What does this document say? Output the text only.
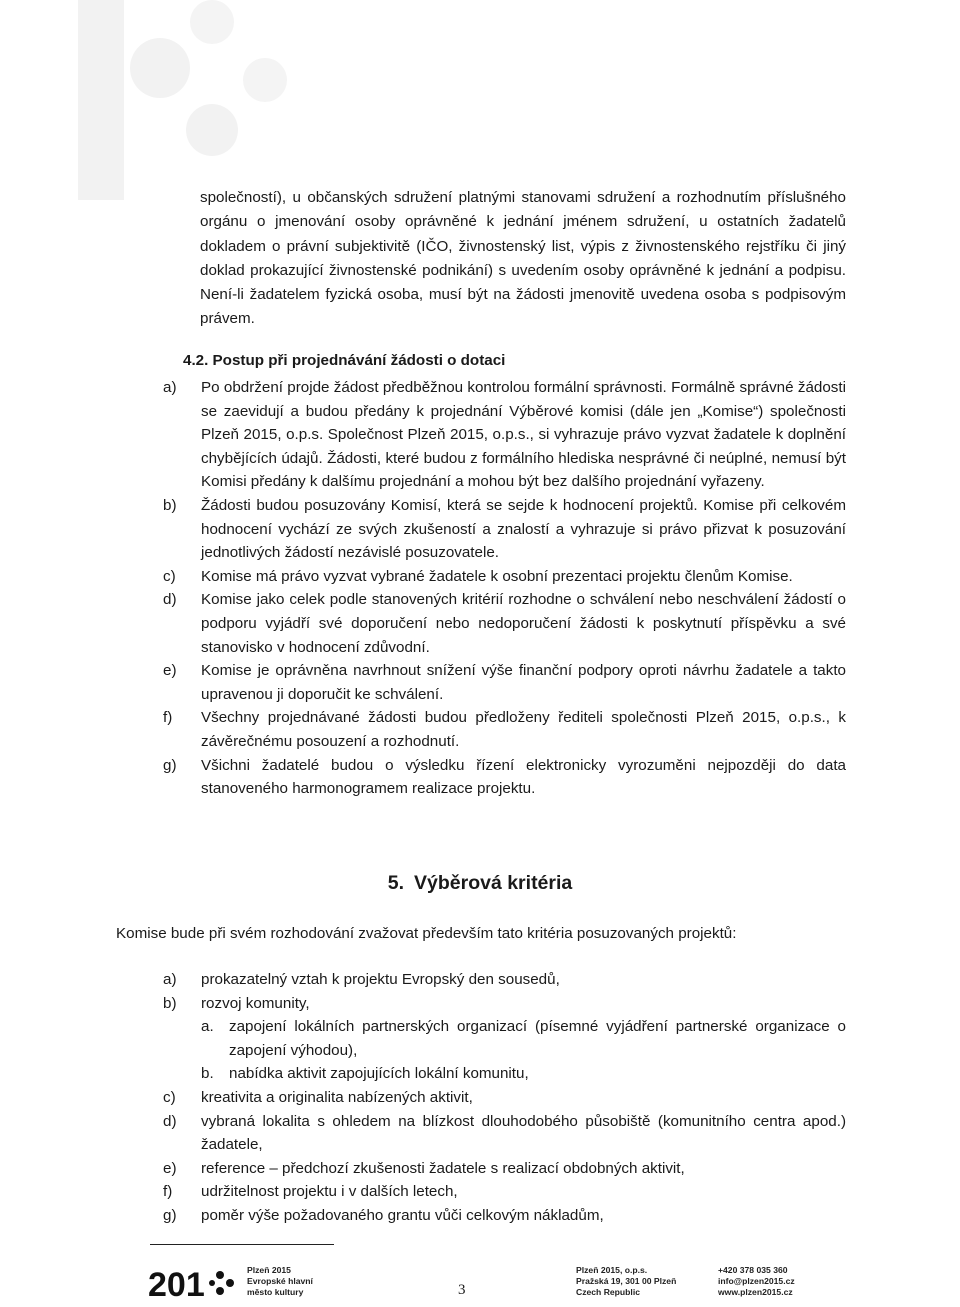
společností), u občanských sdružení platnými stanovami sdružení a rozhodnutím příslušného orgánu o jmenování osoby oprávněné k jednání jménem sdružení, u ostatních žadatelů dokladem o právní subjektivitě (IČO, živnostenský list, výpis z živnostenského rejstříku či jiný doklad prokazující živnostenské podnikání) s uvedením osoby oprávněné k jednání a podpisu. Není-li žadatelem fyzická osoba, musí být na žádosti jmenovitě uvedena osoba s podpisovým právem.

4.2. Postup při projednávání žádosti o dotaci

a) Po obdržení projde žádost předběžnou kontrolou formální správnosti. Formálně správné žádosti se zaevidují a budou předány k projednání Výběrové komisi (dále jen „Komise“) společnosti Plzeň 2015, o.p.s. Společnost Plzeň 2015, o.p.s., si vyhrazuje právo vyzvat žadatele k doplnění chybějících údajů. Žádosti, které budou z formálního hlediska nesprávné či neúplné, nemusí být Komisi předány k dalšímu projednání a mohou být bez dalšího projednání vyřazeny.
b) Žádosti budou posuzovány Komisí, která se sejde k hodnocení projektů. Komise při celkovém hodnocení vychází ze svých zkušeností a znalostí a vyhrazuje si právo přizvat k posuzování jednotlivých žádostí nezávislé posuzovatele.
c) Komise má právo vyzvat vybrané žadatele k osobní prezentaci projektu členům Komise.
d) Komise jako celek podle stanovených kritérií rozhodne o schválení nebo neschválení žádostí o podporu vyjádří své doporučení nebo nedoporučení žádosti k poskytnutí příspěvku a své stanovisko v hodnocení zdůvodní.
e) Komise je oprávněna navrhnout snížení výše finanční podpory oproti návrhu žadatele a takto upravenou ji doporučit ke schválení.
f) Všechny projednávané žádosti budou předloženy řediteli společnosti Plzeň 2015, o.p.s., k závěrečnému posouzení a rozhodnutí.
g) Všichni žadatelé budou o výsledku řízení elektronicky vyrozuměni nejpozději do data stanoveného harmonogramem realizace projektu.
5. Výběrová kritéria

Komise bude při svém rozhodování zvažovat především tato kritéria posuzovaných projektů:

a) prokazatelný vztah k projektu Evropský den sousedů,
b) rozvoj komunity,
a. zapojení lokálních partnerských organizací (písemné vyjádření partnerské organizace o zapojení výhodou),
b. nabídka aktivit zapojujících lokální komunitu,
c) kreativita a originalita nabízených aktivit,
d) vybraná lokalita s ohledem na blízkost dlouhodobého působiště (komunitního centra apod.) žadatele,
e) reference – předchozí zkušenosti žadatele s realizací obdobných aktivit,
f) udržitelnost projektu i v dalších letech,
g) poměr výše požadovaného grantu vůči celkovým nákladům,
201	Plzeň 2015
Evropské hlavní
město kultury	3
Plzeň 2015, o.p.s.
Pražská 19, 301 00 Plzeň
Czech Republic
+420 378 035 360
info@plzen2015.cz
www.plzen2015.cz
